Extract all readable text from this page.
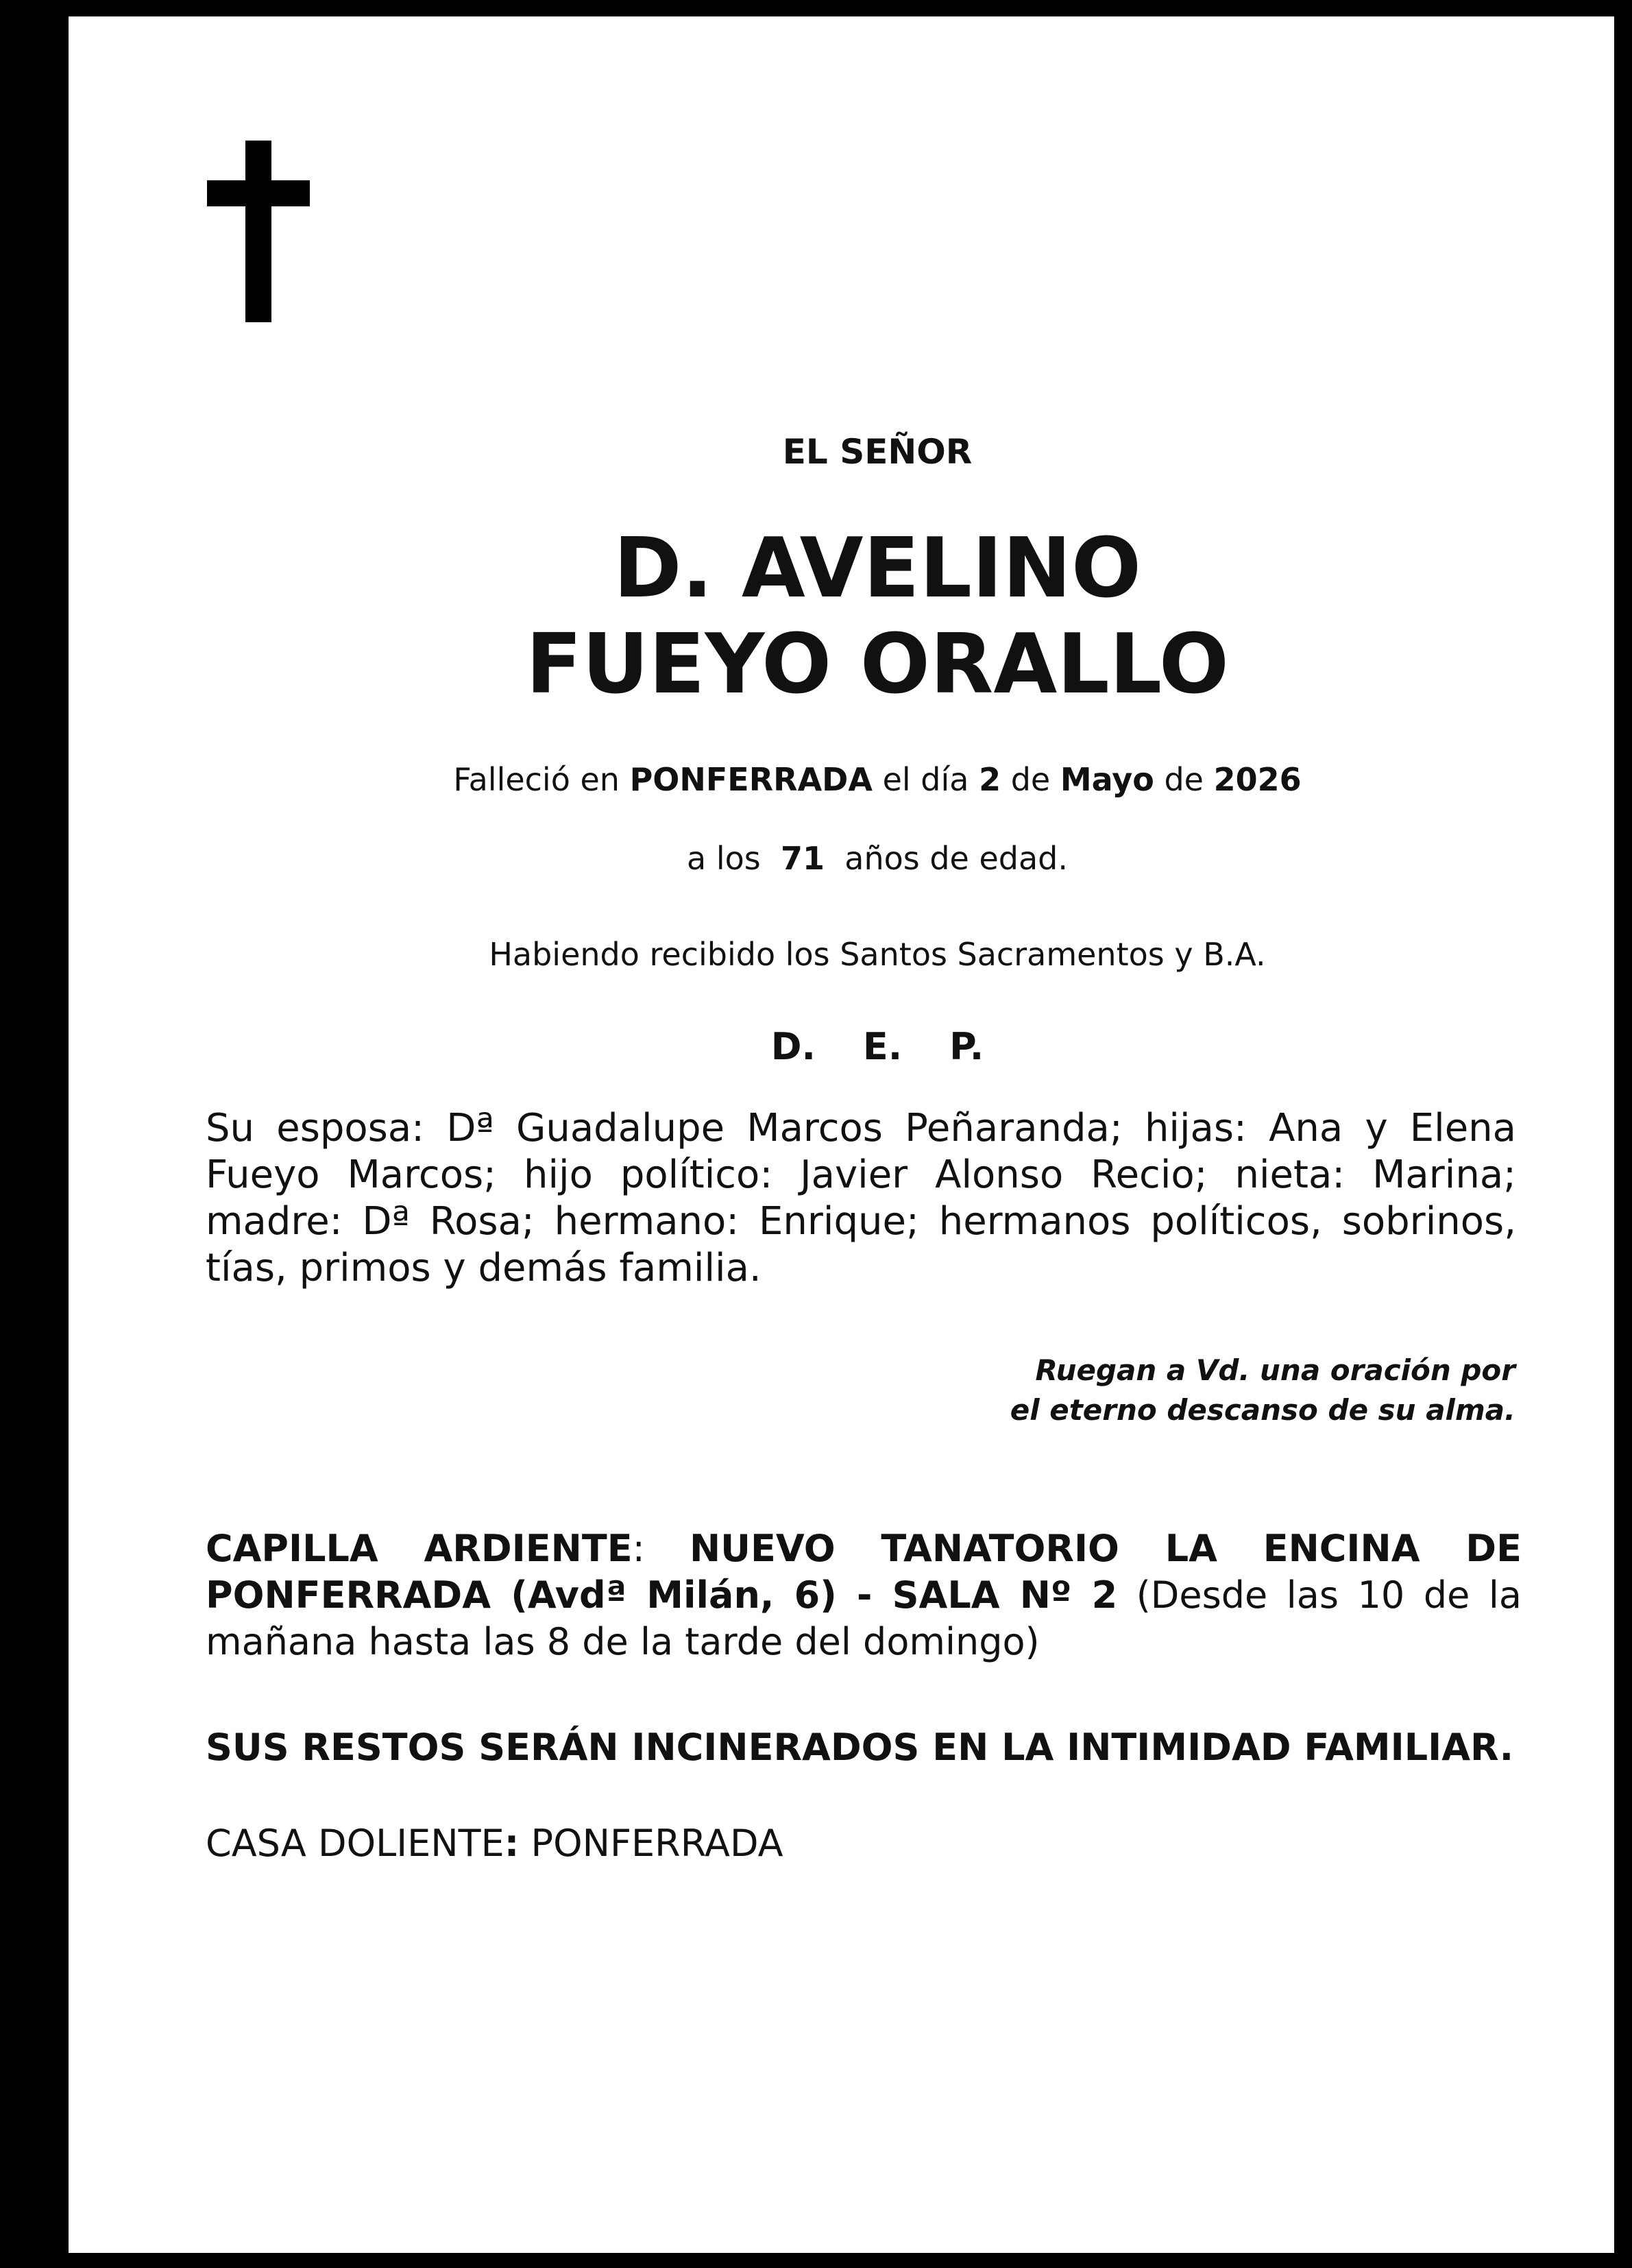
EL SEÑOR
D. AVELINO
FUEYO ORALLO
Falleció en PONFERRADA el día 2 de Mayo de 2026
a los 71 años de edad.
Habiendo recibido los Santos Sacramentos y B.A.
D. E. P.
Su esposa: Dª Guadalupe Marcos Peñaranda; hijas: Ana y Elena Fueyo Marcos; hijo político: Javier Alonso Recio; nieta: Marina; madre: Dª Rosa; hermano: Enrique; hermanos políticos, sobrinos, tías, primos y demás familia.
Ruegan a Vd. una oración por
el eterno descanso de su alma.
CAPILLA ARDIENTE: NUEVO TANATORIO LA ENCINA DE PONFERRADA (Avdª Milán, 6) - SALA Nº 2 (Desde las 10 de la mañana hasta las 8 de la tarde del domingo)
SUS RESTOS SERÁN INCINERADOS EN LA INTIMIDAD FAMILIAR.
CASA DOLIENTE: PONFERRADA
